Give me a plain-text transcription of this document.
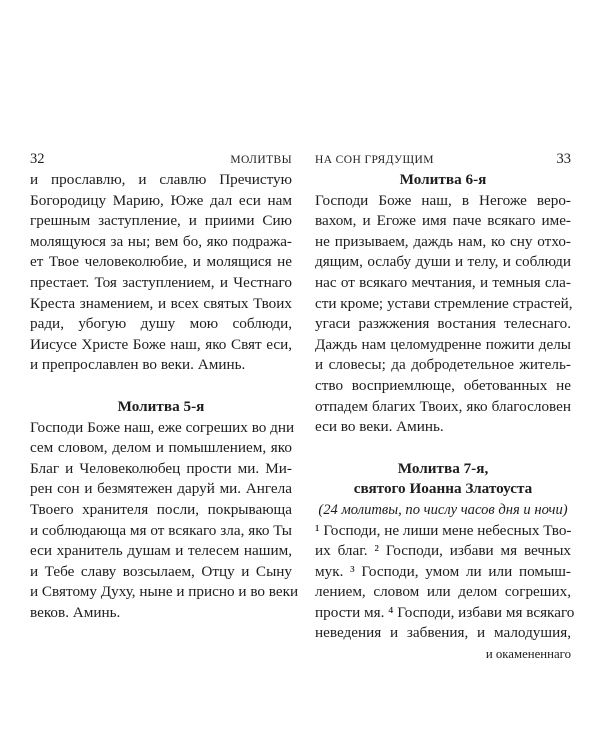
32	МОЛИТВЫ
и прославлю, и славлю Пречистую
Богородицу Марию, Юже дал еси нам
грешным заступление, и приими Сию
молящуюся за ны; вем бо, яко подража-
ет Твое человеколюбие, и молящися не
престает. Тоя заступлением, и Честнаго
Креста знамением, и всех святых Твоих
ради, убогую душу мою соблюди,
Иисусе Христе Боже наш, яко Свят еси,
и препрославлен во веки. Аминь.
Молитва 5-я
Господи Боже наш, еже согреших во дни
сем словом, делом и помышлением, яко
Благ и Человеколюбец прости ми. Ми-
рен сон и безмятежен даруй ми. Ангела
Твоего хранителя посли, покрывающа
и соблюдающа мя от всякаго зла, яко Ты
еси хранитель душам и телесем нашим,
и Тебе славу возсылаем, Отцу и Сыну
и Святому Духу, ныне и присно и во веки
веков. Аминь.
НА СОН ГРЯДУЩИМ	33
Молитва 6-я
Господи Боже наш, в Негоже веро-
вахом, и Егоже имя паче всякаго име-
не призываем, даждь нам, ко сну отхо-
дящим, ослабу души и телу, и соблюди
нас от всякаго мечтания, и темныя сла-
сти кроме; устави стремление страстей,
угаси разжжения востания телеснаго.
Даждь нам целомудренне пожити делы
и словесы; да добродетельное житель-
ство восприемлюще, обетованных не
отпадем благих Твоих, яко благословен
еси во веки. Аминь.
Молитва 7-я,
святого Иоанна Златоуста
(24 молитвы, по числу часов дня и ночи)
¹ Господи, не лиши мене небесных Тво-
их благ. ² Господи, избави мя вечных
мук. ³ Господи, умом ли или помыш-
лением, словом или делом согреших,
прости мя. ⁴ Господи, избави мя всякаго
неведения и забвения, и малодушия,
и окамененнаго
